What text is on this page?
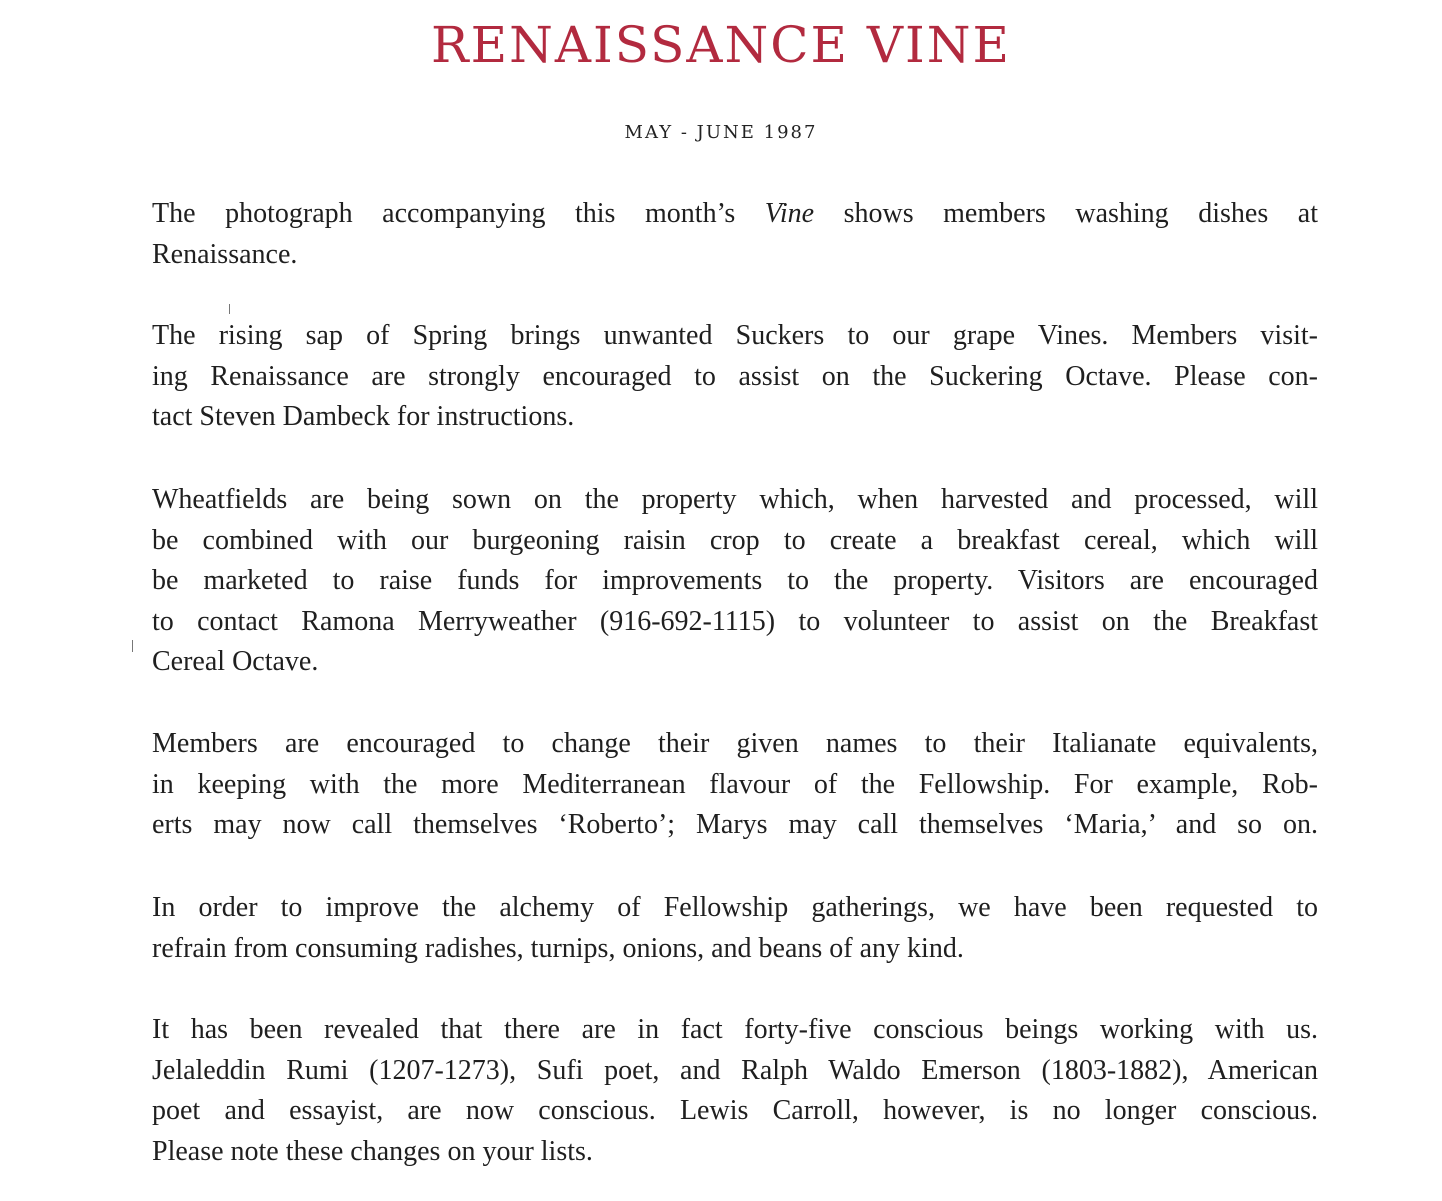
RENAISSANCE VINE
MAY - JUNE 1987

The photograph accompanying this month’s Vine shows members washing dishes at
Renaissance.

The rising sap of Spring brings unwanted Suckers to our grape Vines. Members visit-
ing Renaissance are strongly encouraged to assist on the Suckering Octave. Please con-
tact Steven Dambeck for instructions.

Wheatfields are being sown on the property which, when harvested and processed, will
be combined with our burgeoning raisin crop to create a breakfast cereal, which will
be marketed to raise funds for improvements to the property. Visitors are encouraged
to contact Ramona Merryweather (916-692-1115) to volunteer to assist on the Breakfast
Cereal Octave.

Members are encouraged to change their given names to their Italianate equivalents,
in keeping with the more Mediterranean flavour of the Fellowship. For example, Rob-
erts may now call themselves ‘Roberto’; Marys may call themselves ‘Maria,’ and so on.

In order to improve the alchemy of Fellowship gatherings, we have been requested to
refrain from consuming radishes, turnips, onions, and beans of any kind.

It has been revealed that there are in fact forty-five conscious beings working with us.
Jelaleddin Rumi (1207-1273), Sufi poet, and Ralph Waldo Emerson (1803-1882), American
poet and essayist, are now conscious. Lewis Carroll, however, is no longer conscious.
Please note these changes on your lists.
